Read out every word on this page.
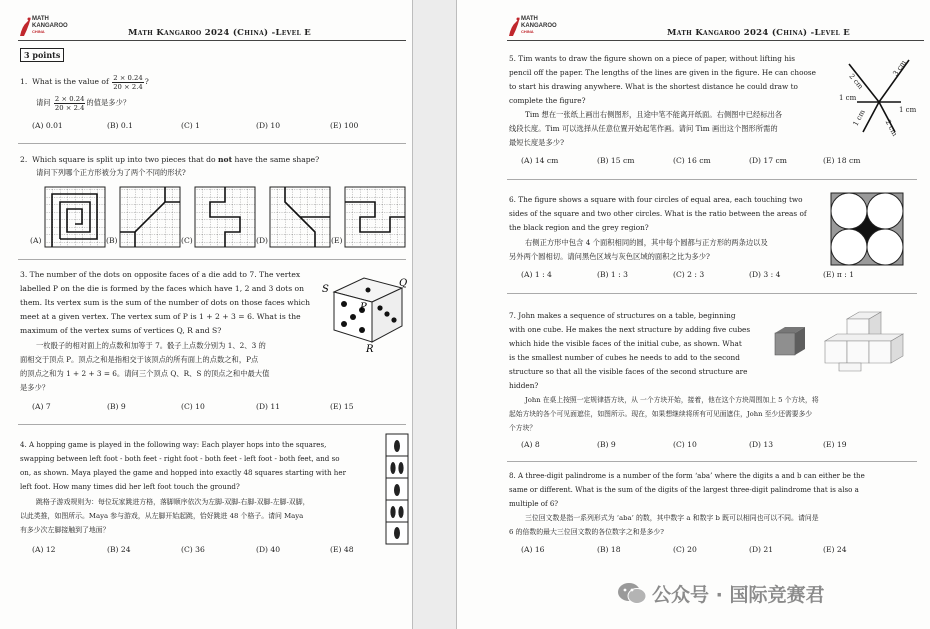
MATH
KANGAROO
CHINA	Math Kangaroo 2024 (China) -Level E
3 points
1. What is the value of $\frac{2 \times 0.24}{20 \times 2.4}$ ?
请问 $\frac{2 \times 0.24}{20 \times 2.4}$ 的值是多少？
(A) 0.01	(B) 0.1	(C) 1	(D) 10	(E) 100
2. Which square is split up into two pieces that do not have the same shape?
请问下列哪个正方形被分为了两个不同的形状?
(A)	(B)	(C)	(D)	(E)
3. The number of the dots on opposite faces of a die add to 7. The vertex
labelled P on the die is formed by the faces which have 1, 2 and 3 dots on
them. Its vertex sum is the sum of the number of dots on those faces which
meet at a given vertex. The vertex sum of P is 1 + 2 + 3 = 6. What is the
maximum of the vertex sums of vertices Q, R and S?
一枚骰子的相对面上的点数和加等于 7。骰子上点数分别为 1、2、3 的
面相交于顶点 P。顶点之和是指相交于该顶点的所有面上的点数之和，P点
的顶点之和为 1 + 2 + 3 = 6。请问三个顶点 Q、R、S 的顶点之和中最大值
是多少？
S
Q
P
R
(A) 7	(B) 9	(C) 10	(D) 11	(E) 15
4. A hopping game is played in the following way: Each player hops into the squares,
swapping between left foot - both feet - right foot - both feet - left foot - both feet, and so
on, as shown. Maya played the game and hopped into exactly 48 squares starting with her
left foot. How many times did her left foot touch the ground?
跳格子游戏规则为：每位玩家跳进方格，落脚顺序依次为左脚-双脚-右脚-双脚-左脚-双脚，
以此类推，如图所示。Maya 参与游戏，从左脚开始起跳，恰好跳进 48 个格子。请问 Maya
有多少次左脚接触到了地面？
(A) 12	(B) 24	(C) 36	(D) 40	(E) 48
MATH
KANGAROO
CHINA	Math Kangaroo 2024 (China) -Level E
5. Tim wants to draw the figure shown on a piece of paper, without lifting his
pencil off the paper. The lengths of the lines are given in the figure. He can choose
to start his drawing anywhere. What is the shortest distance he could draw to
complete the figure?
Tim 想在一张纸上画出右侧图形，且途中笔不能离开纸面。右侧图中已经标出各
线段长度。Tim 可以选择从任意位置开始起笔作画。请问 Tim 画出这个图形所需的
最短长度是多少?
2 cm
3 cm
1 cm
1 cm
1 cm
2 cm
(A) 14 cm	(B) 15 cm	(C) 16 cm	(D) 17 cm	(E) 18 cm
6. The figure shows a square with four circles of equal area, each touching two
sides of the square and two other circles. What is the ratio between the areas of
the black region and the grey region?
右侧正方形中包含 4 个面积相同的圆，其中每个圆都与正方形的两条边以及
另外两个圆相切。请问黑色区域与灰色区域的面积之比为多少?
(A) 1 : 4	(B) 1 : 3	(C) 2 : 3	(D) 3 : 4	(E) π : 1
7. John makes a sequence of structures on a table, beginning
with one cube. He makes the next structure by adding five cubes
which hide the visible faces of the initial cube, as shown. What
is the smallest number of cubes he needs to add to the second
structure so that all the visible faces of the second structure are
hidden?
John 在桌上按照一定规律搭方块，从 一个方块开始，接着，他在这个方块周围加上 5 个方块，将
起始方块的各个可见面遮住，如图所示。现在，如果想继续将所有可见面遮住，John 至少还需要多少
个方块？
(A) 8	(B) 9	(C) 10	(D) 13	(E) 19
8. A three-digit palindrome is a number of the form ‘aba’ where the digits a and b can either be the
same or different. What is the sum of the digits of the largest three-digit palindrome that is also a
multiple of 6?
三位回文数是指一系列形式为 ‘aba’ 的数，其中数字 a 和数字 b 既可以相同也可以不同。请问是
6 的倍数的最大三位回文数的各位数字之和是多少?
(A) 16	(B) 18	(C) 20	(D) 21	(E) 24
公众号 · 国际竞赛君
